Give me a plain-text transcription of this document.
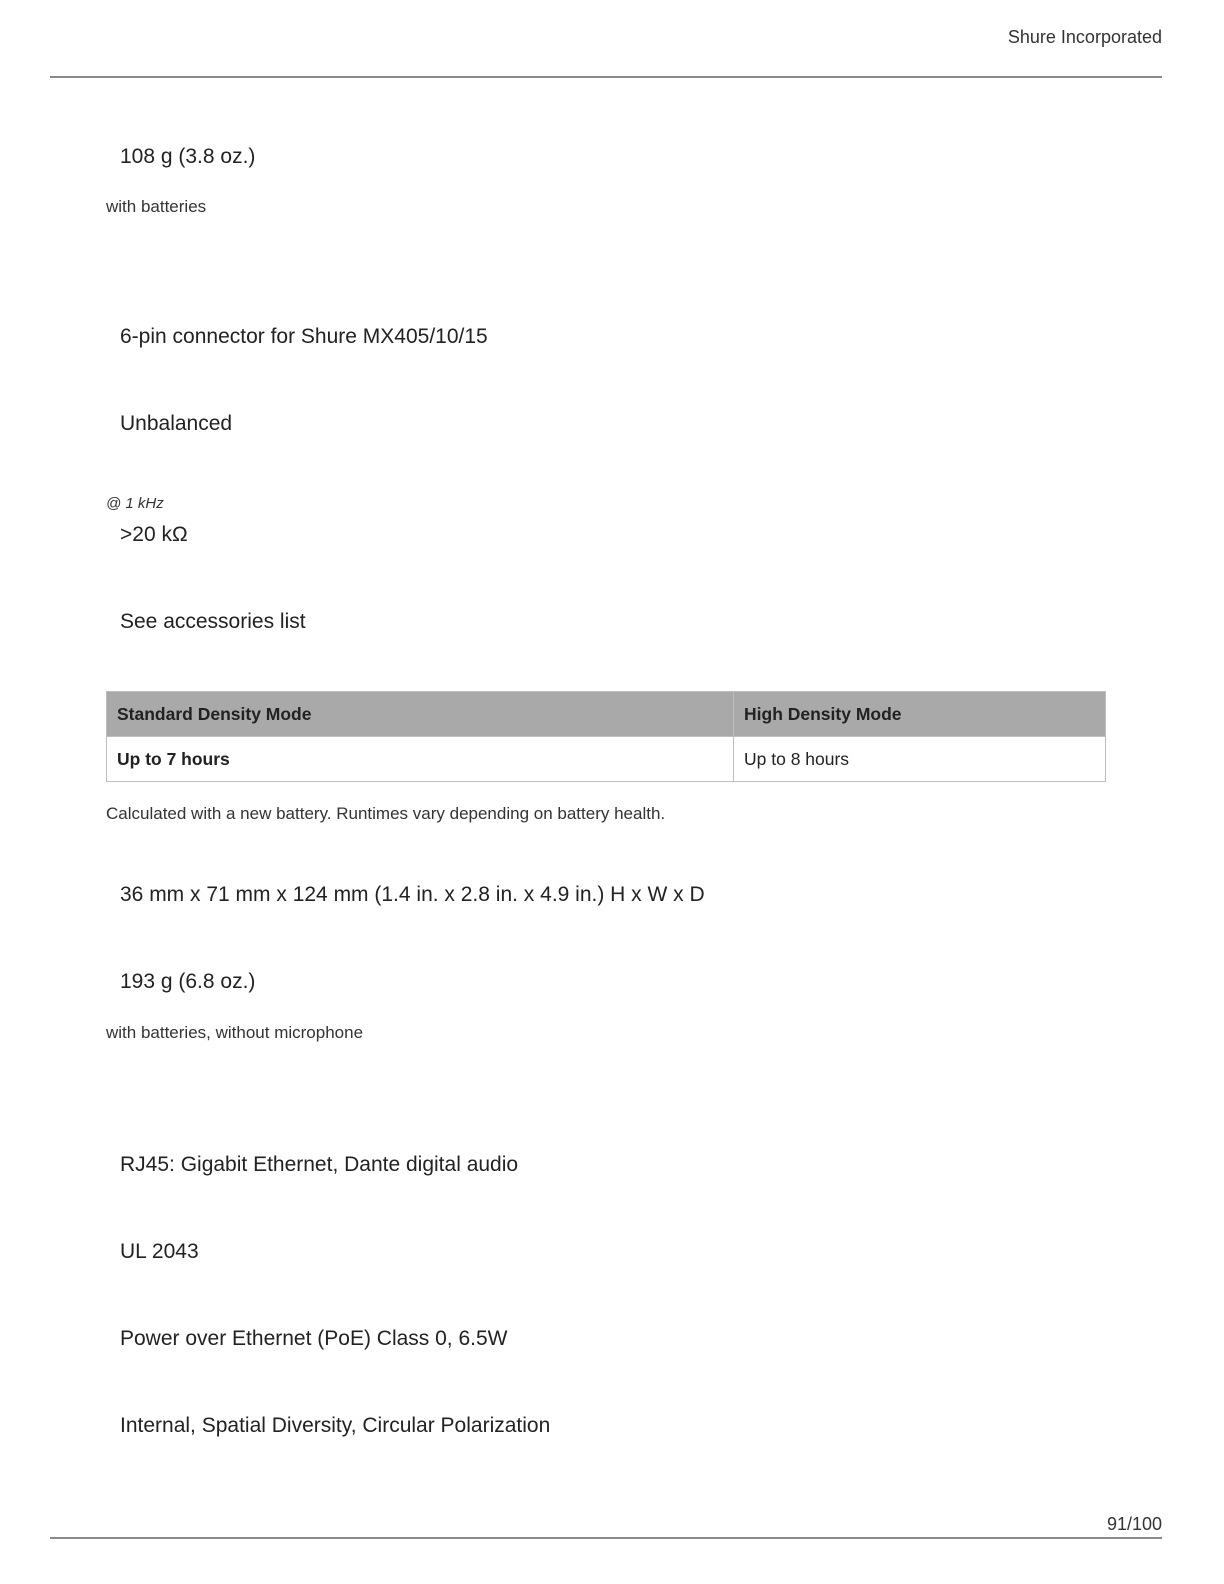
Shure Incorporated
108 g (3.8 oz.)
with batteries
6-pin connector for Shure MX405/10/15
Unbalanced
@ 1 kHz
>20 kΩ
See accessories list
Standard Density Mode	High Density Mode
Up to 7 hours	Up to 8 hours
Calculated with a new battery. Runtimes vary depending on battery health.
36 mm x 71 mm x 124 mm (1.4 in. x 2.8 in. x 4.9 in.) H x W x D
193 g (6.8 oz.)
with batteries, without microphone
RJ45: Gigabit Ethernet, Dante digital audio
UL 2043
Power over Ethernet (PoE) Class 0, 6.5W
Internal, Spatial Diversity, Circular Polarization
91/100
